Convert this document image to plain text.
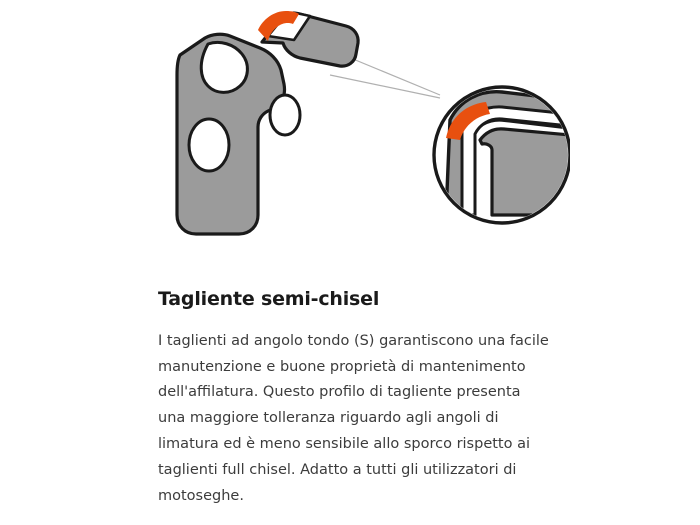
Tagliente semi-chisel

I taglienti ad angolo tondo (S) garantiscono una facile manutenzione e buone proprietà di mantenimento dell'affilatura. Questo profilo di tagliente presenta una maggiore tolleranza riguardo agli angoli di limatura ed è meno sensibile allo sporco rispetto ai taglienti full chisel. Adatto a tutti gli utilizzatori di motoseghe.
